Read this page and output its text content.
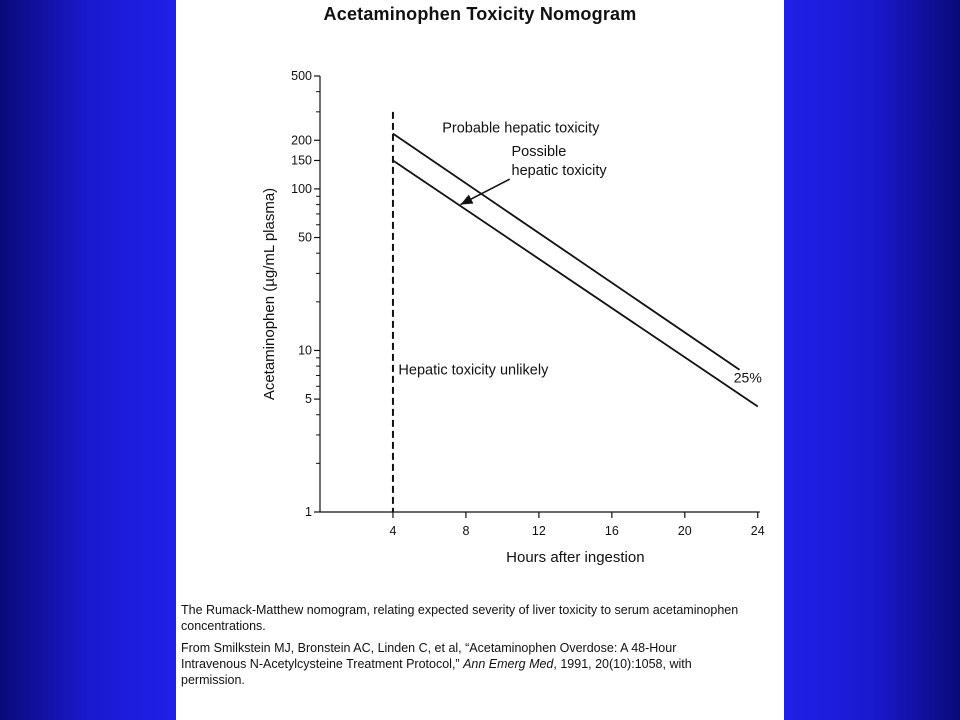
Acetaminophen Toxicity Nomogram
1
5
10
50
100
150
200
500
4	8	12	16	20	24
Hours after ingestion
Acetaminophen (µg/mL plasma)	25%
Probable hepatic toxicity
Hepatic toxicity unlikely
Possible
hepatic toxicity
The Rumack-Matthew nomogram, relating expected severity of liver toxicity to serum acetaminophen concentrations.
From Smilkstein MJ, Bronstein AC, Linden C, et al, “Acetaminophen Overdose: A 48-Hour Intravenous N-Acetylcysteine Treatment Protocol,” Ann Emerg Med, 1991, 20(10):1058, with permission.
